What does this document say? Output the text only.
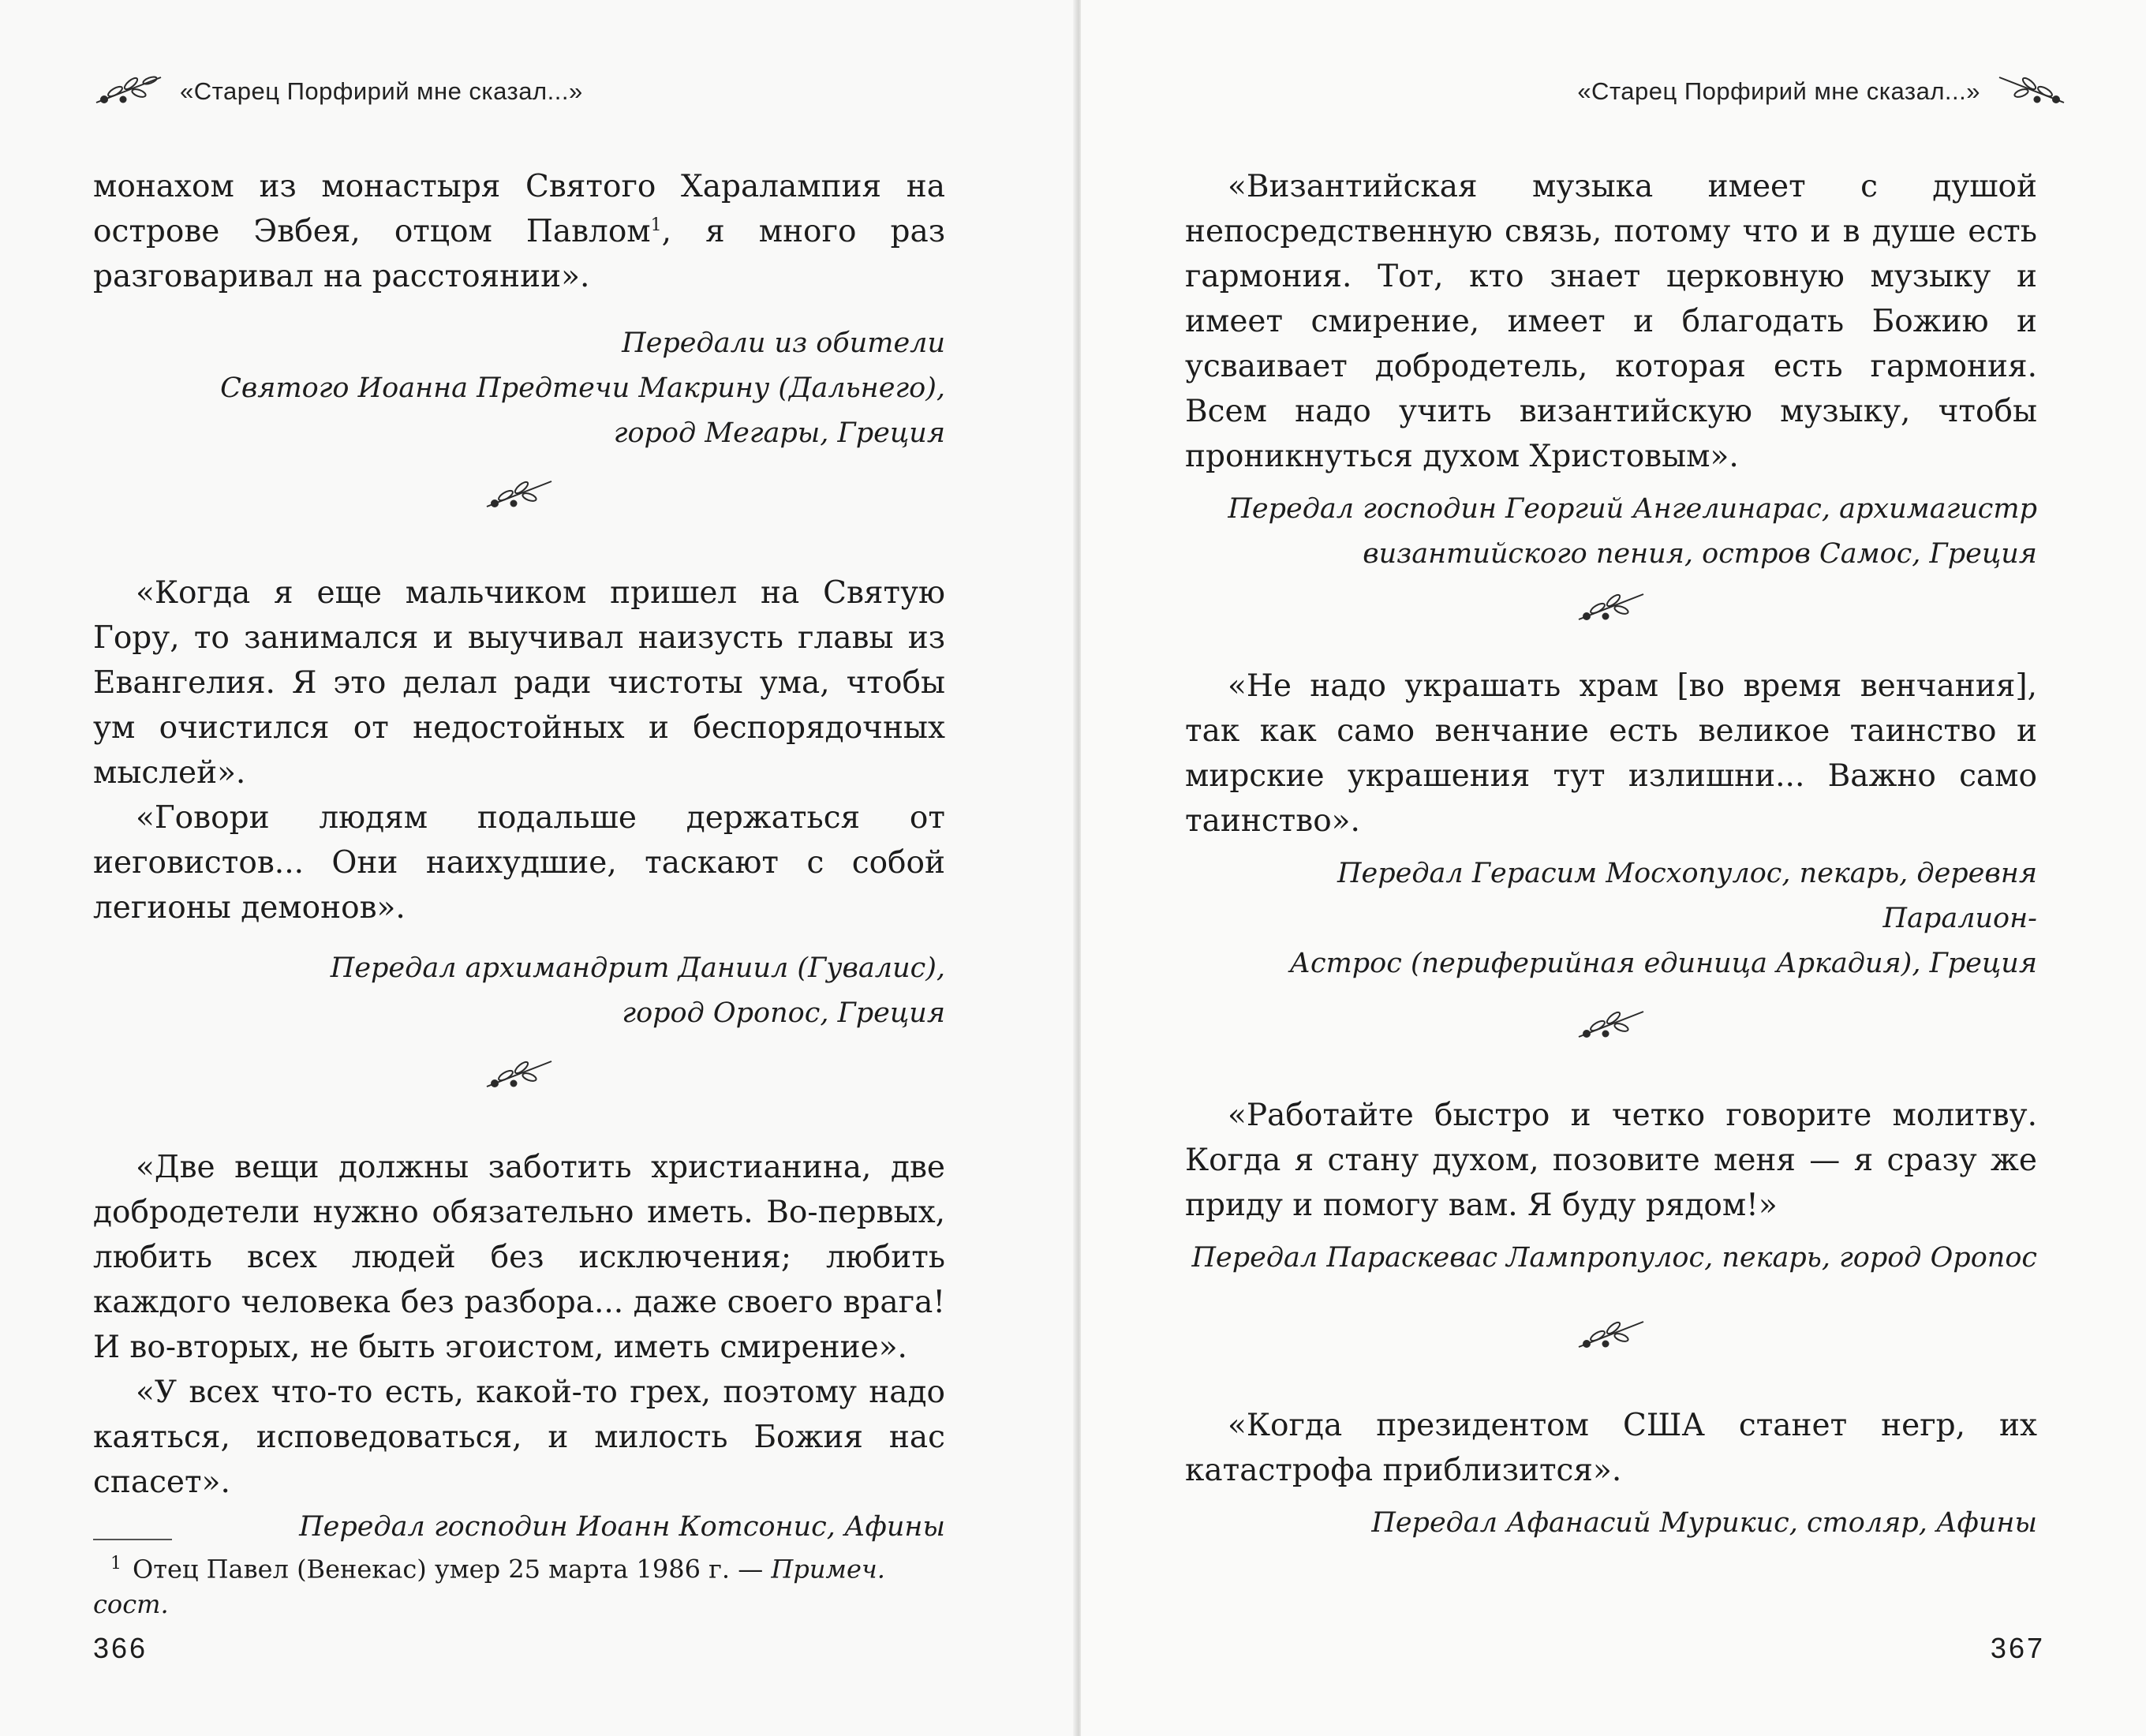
«Старец Порфирий мне сказал...»

монахом из монастыря Святого Харалампия на острове Эвбея, отцом Павлом$^1$, я много раз разговаривал на расстоянии».

Передали из обители

Святого Иоанна Предтечи Макрину (Дальнего),

город Мегары, Греция

«Когда я еще мальчиком пришел на Святую Гору, то занимался и выучивал наизусть главы из Евангелия. Я это делал ради чистоты ума, чтобы ум очистился от недостойных и беспорядочных мыслей».

«Говори людям подальше держаться от иеговистов... Они наихудшие, таскают с собой легионы демонов».

Передал архимандрит Даниил (Гувалис),

город Оропос, Греция

«Две вещи должны заботить христианина, две добродетели нужно обязательно иметь. Во-первых, любить всех людей без исключения; любить каждого человека без разбора... даже своего врага! И во-вторых, не быть эгоистом, иметь смирение».

«У всех что-то есть, какой-то грех, поэтому надо каяться, исповедоваться, и милость Божия нас спасет».

Передал господин Иоанн Котсонис, Афины

$^1$ Отец Павел (Венекас) умер 25 марта 1986 г. — Примеч. сост.
366
«Старец Порфирий мне сказал...»

«Византийская музыка имеет с душой непосредственную связь, потому что и в душе есть гармония. Тот, кто знает церковную музыку и имеет смирение, имеет и благодать Божию и усваивает добродетель, которая есть гармония. Всем надо учить византийскую музыку, чтобы проникнуться духом Христовым».

Передал господин Георгий Ангелинарас, архимагистр

византийского пения, остров Самос, Греция

«Не надо украшать храм [во время венчания], так как само венчание есть великое таинство и мирские украшения тут излишни... Важно само таинство».

Передал Герасим Мосхопулос, пекарь, деревня Паралион-

Астрос (периферийная единица Аркадия), Греция

«Работайте быстро и четко говорите молитву. Когда я стану духом, позовите меня — я сразу же приду и помогу вам. Я буду рядом!»

Передал Параскевас Лампропулос, пекарь, город Оропос

«Когда президентом США станет негр, их катастрофа приблизится».

Передал Афанасий Мурикис, столяр, Афины

367
